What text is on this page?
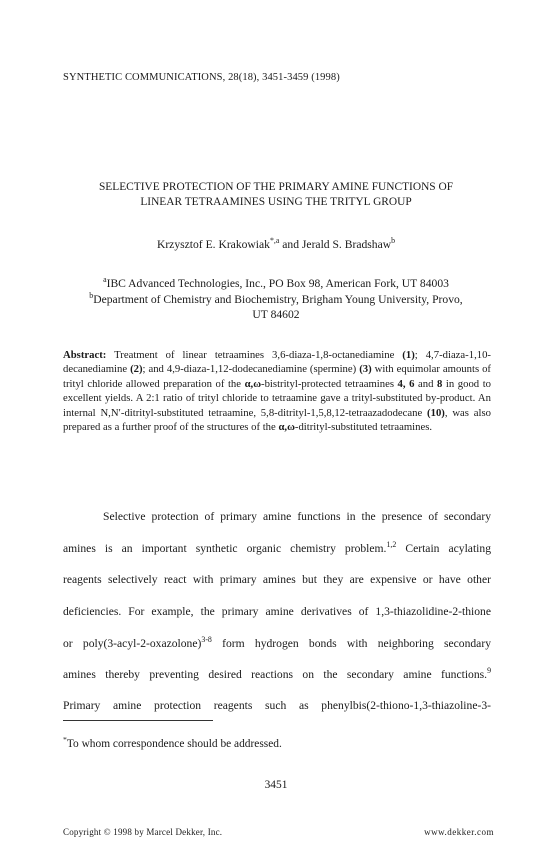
SYNTHETIC COMMUNICATIONS, 28(18), 3451-3459 (1998)
SELECTIVE PROTECTION OF THE PRIMARY AMINE FUNCTIONS OF
LINEAR TETRAAMINES USING THE TRITYL GROUP
Krzysztof E. Krakowiak$^{*,a}$ and Jerald S. Bradshaw$^b$
$^a$IBC Advanced Technologies, Inc., PO Box 98, American Fork, UT 84003
$^b$Department of Chemistry and Biochemistry, Brigham Young University, Provo,
UT 84602
Abstract: Treatment of linear tetraamines 3,6-diaza-1,8-octanediamine (1); 4,7-diaza-1,10-decanediamine (2); and 4,9-diaza-1,12-dodecanediamine (spermine) (3) with equimolar amounts of trityl chloride allowed preparation of the α,ω-bistrityl-protected tetraamines 4, 6 and 8 in good to excellent yields. A 2:1 ratio of trityl chloride to tetraamine gave a trityl-substituted by-product. An internal N,N′-ditrityl-substituted tetraamine, 5,8-ditrityl-1,5,8,12-tetraazadodecane (10), was also prepared as a further proof of the structures of the α,ω-ditrityl-substituted tetraamines.
Selective protection of primary amine functions in the presence of secondary
amines is an important synthetic organic chemistry problem.$^{1,2}$ Certain acylating
reagents selectively react with primary amines but they are expensive or have other
deficiencies. For example, the primary amine derivatives of 1,3-thiazolidine-2-thione
or poly(3-acyl-2-oxazolone)$^{3-8}$ form hydrogen bonds with neighboring secondary
amines thereby preventing desired reactions on the secondary amine functions.$^9$
Primary amine protection reagents such as phenylbis(2-thiono-1,3-thiazoline-3-
*To whom correspondence should be addressed.
3451
Copyright © 1998 by Marcel Dekker, Inc.	www.dekker.com
